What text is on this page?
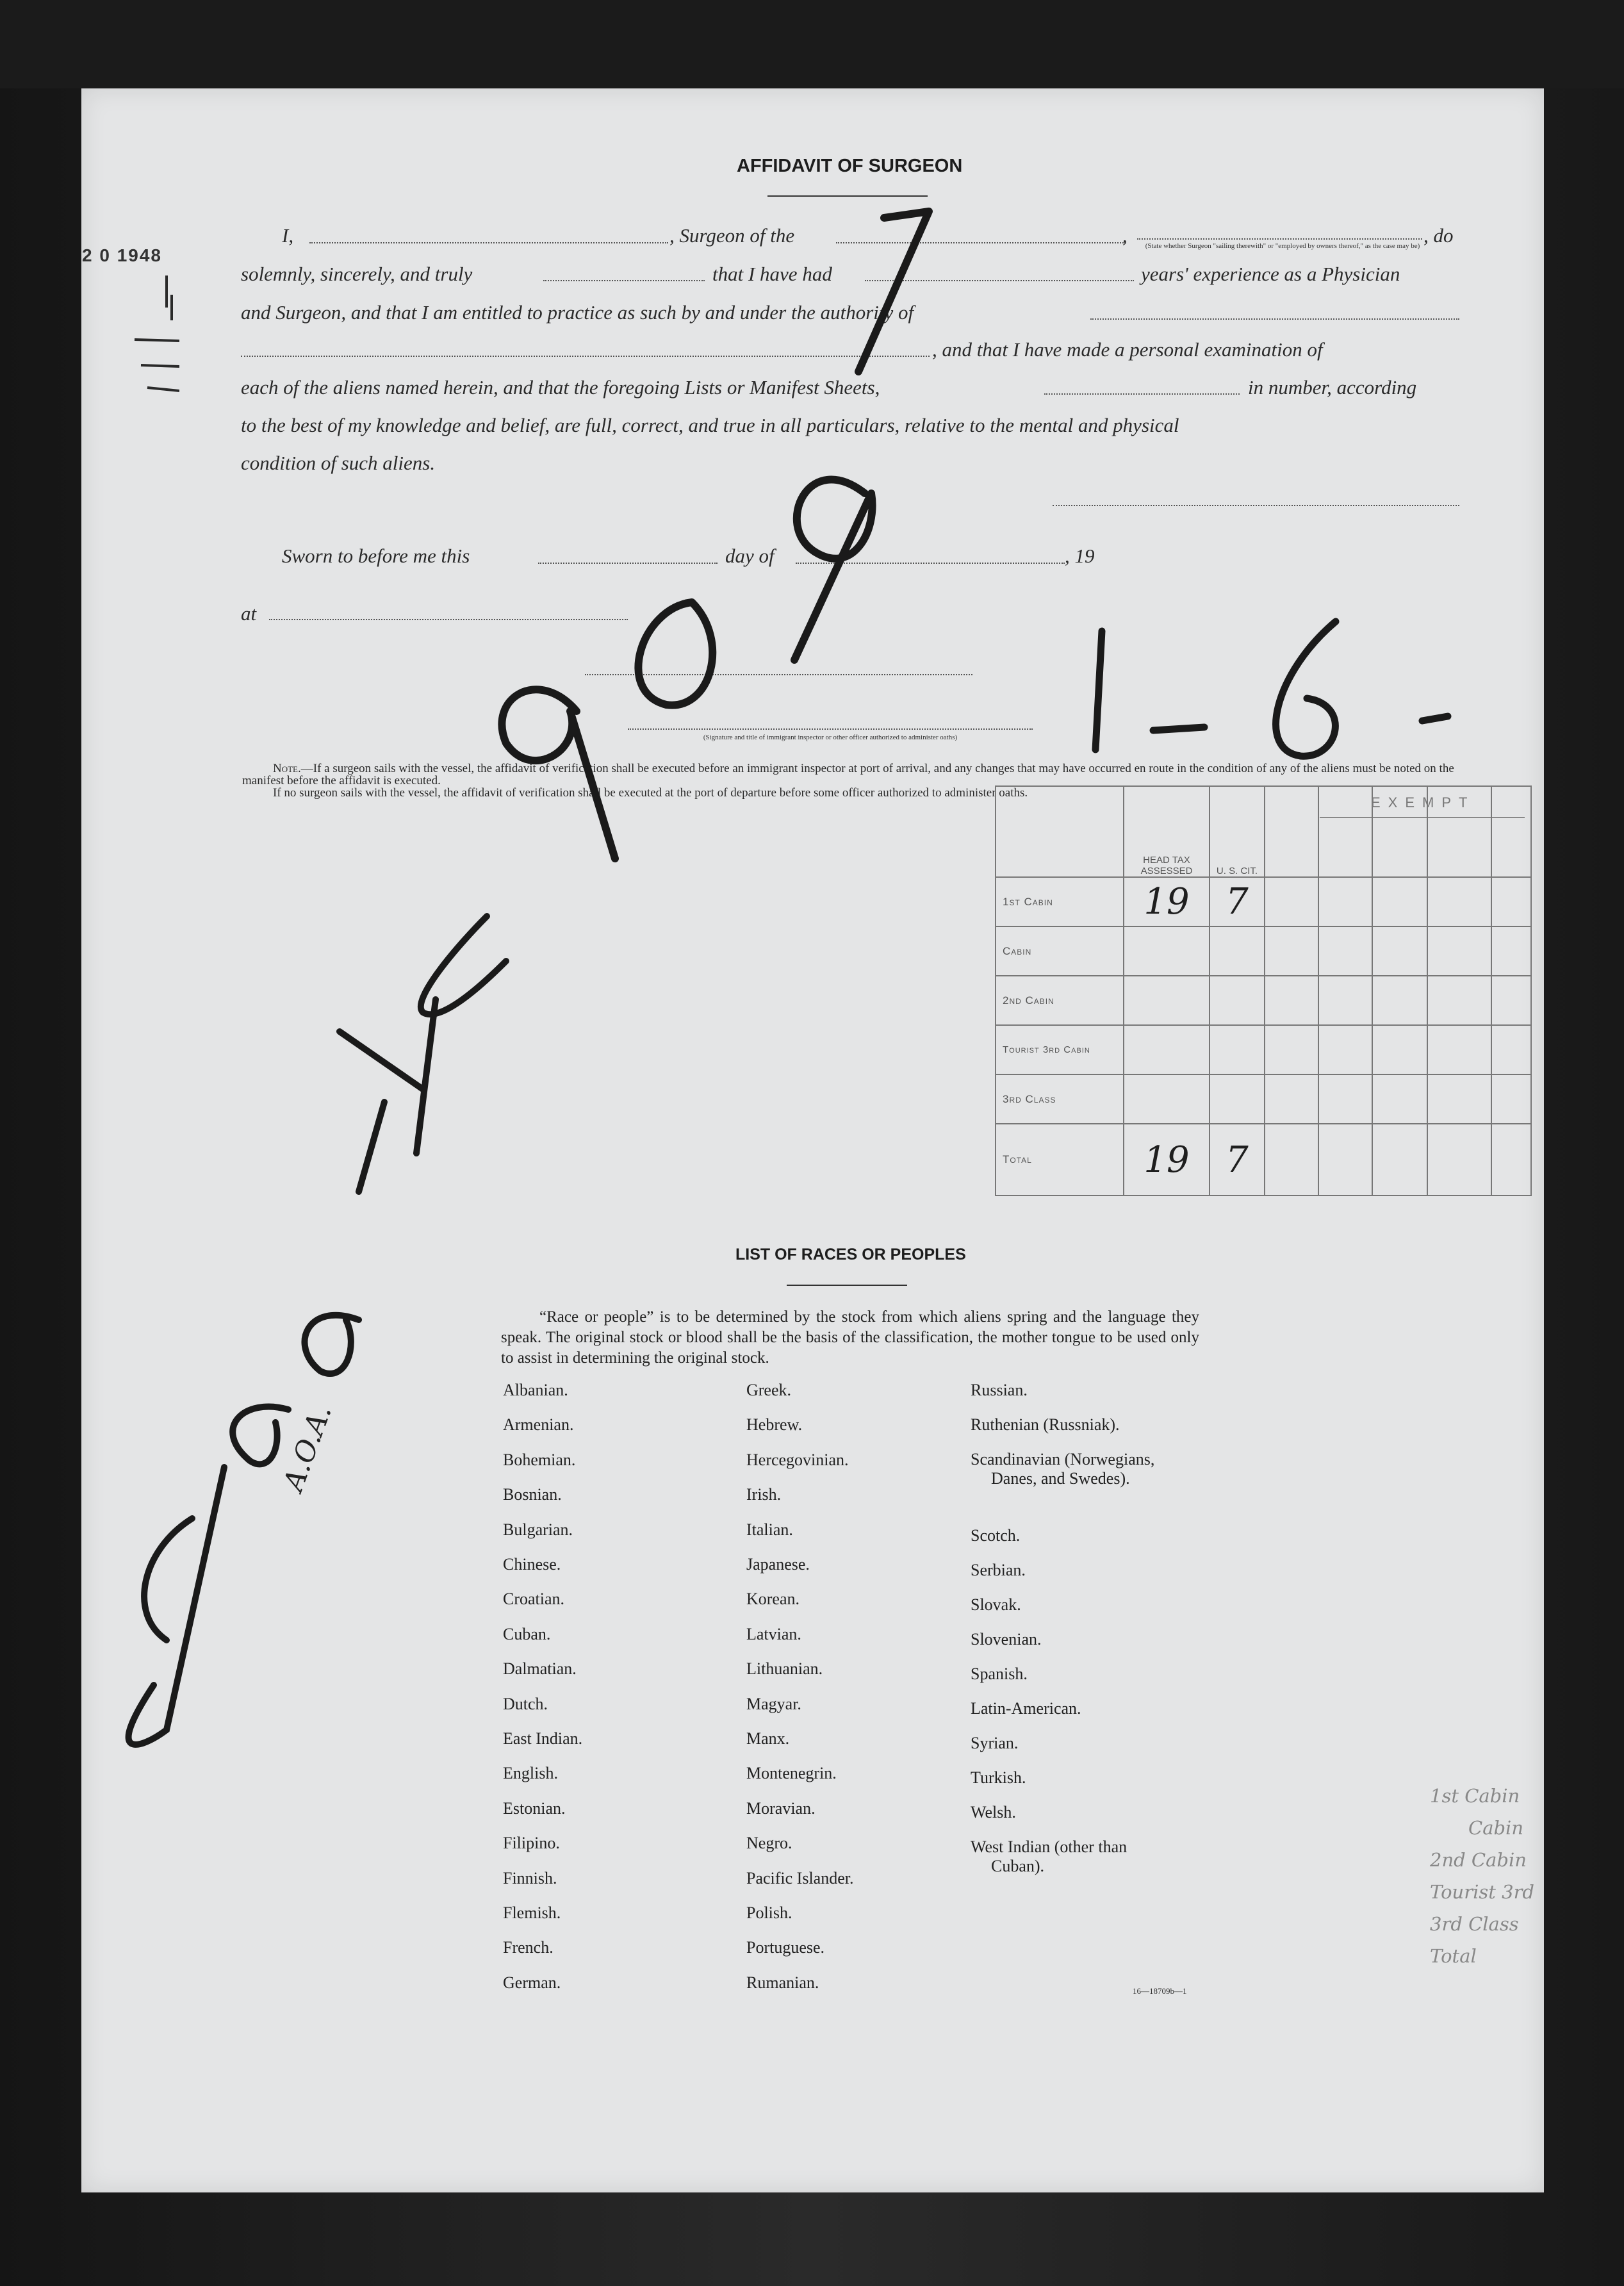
2 0 1948
AFFIDAVIT OF SURGEON
I,	, Surgeon of the	,	(State whether Surgeon "sailing therewith" or "employed by owners thereof," as the case may be) , do
solemnly, sincerely, and truly	that I have had	years' experience as a Physician
and Surgeon, and that I am entitled to practice as such by and under the authority of
, and that I have made a personal examination of
each of the aliens named herein, and that the foregoing Lists or Manifest Sheets,	in number, according
to the best of my knowledge and belief, are full, correct, and true in all particulars, relative to the mental and physical
condition of such aliens.
Sworn to before me this	day of	, 19
at
(Signature and title of immigrant inspector or other officer authorized to administer oaths)
Note.—If a surgeon sails with the vessel, the affidavit of verification shall be executed before an immigrant inspector at port of arrival, and any changes that may have occurred en route in the condition of any of the aliens must be noted on the manifest before the affidavit is executed.
If no surgeon sails with the vessel, the affidavit of verification shall be executed at the port of departure before some officer authorized to administer oaths.
EXEMPT
	HEAD TAX ASSESSED	U. S. CIT.					
1st Cabin	19	7					
Cabin							
2nd Cabin							
Tourist 3rd Cabin							
3rd Class							
Total	19	7					
LIST OF RACES OR PEOPLES
“Race or people” is to be determined by the stock from which aliens spring and the language they speak. The original stock or blood shall be the basis of the classification, the mother tongue to be used only to assist in determining the original stock.
Albanian.
Armenian.
Bohemian.
Bosnian.
Bulgarian.
Chinese.
Croatian.
Cuban.
Dalmatian.
Dutch.
East Indian.
English.
Estonian.
Filipino.
Finnish.
Flemish.
French.
German.
Greek.
Hebrew.
Hercegovinian.
Irish.
Italian.
Japanese.
Korean.
Latvian.
Lithuanian.
Magyar.
Manx.
Montenegrin.
Moravian.
Negro.
Pacific Islander.
Polish.
Portuguese.
Rumanian.
Russian.
Ruthenian (Russniak).
Scandinavian (Norwegians,
Danes, and Swedes).
Scotch.
Serbian.
Slovak.
Slovenian.
Spanish.
Latin-American.
Syrian.
Turkish.
Welsh.
West Indian (other than
Cuban).
16—18709b—1
1st Cabin
Cabin
2nd Cabin
Tourist 3rd
3rd Class
Total
A.O.A.
